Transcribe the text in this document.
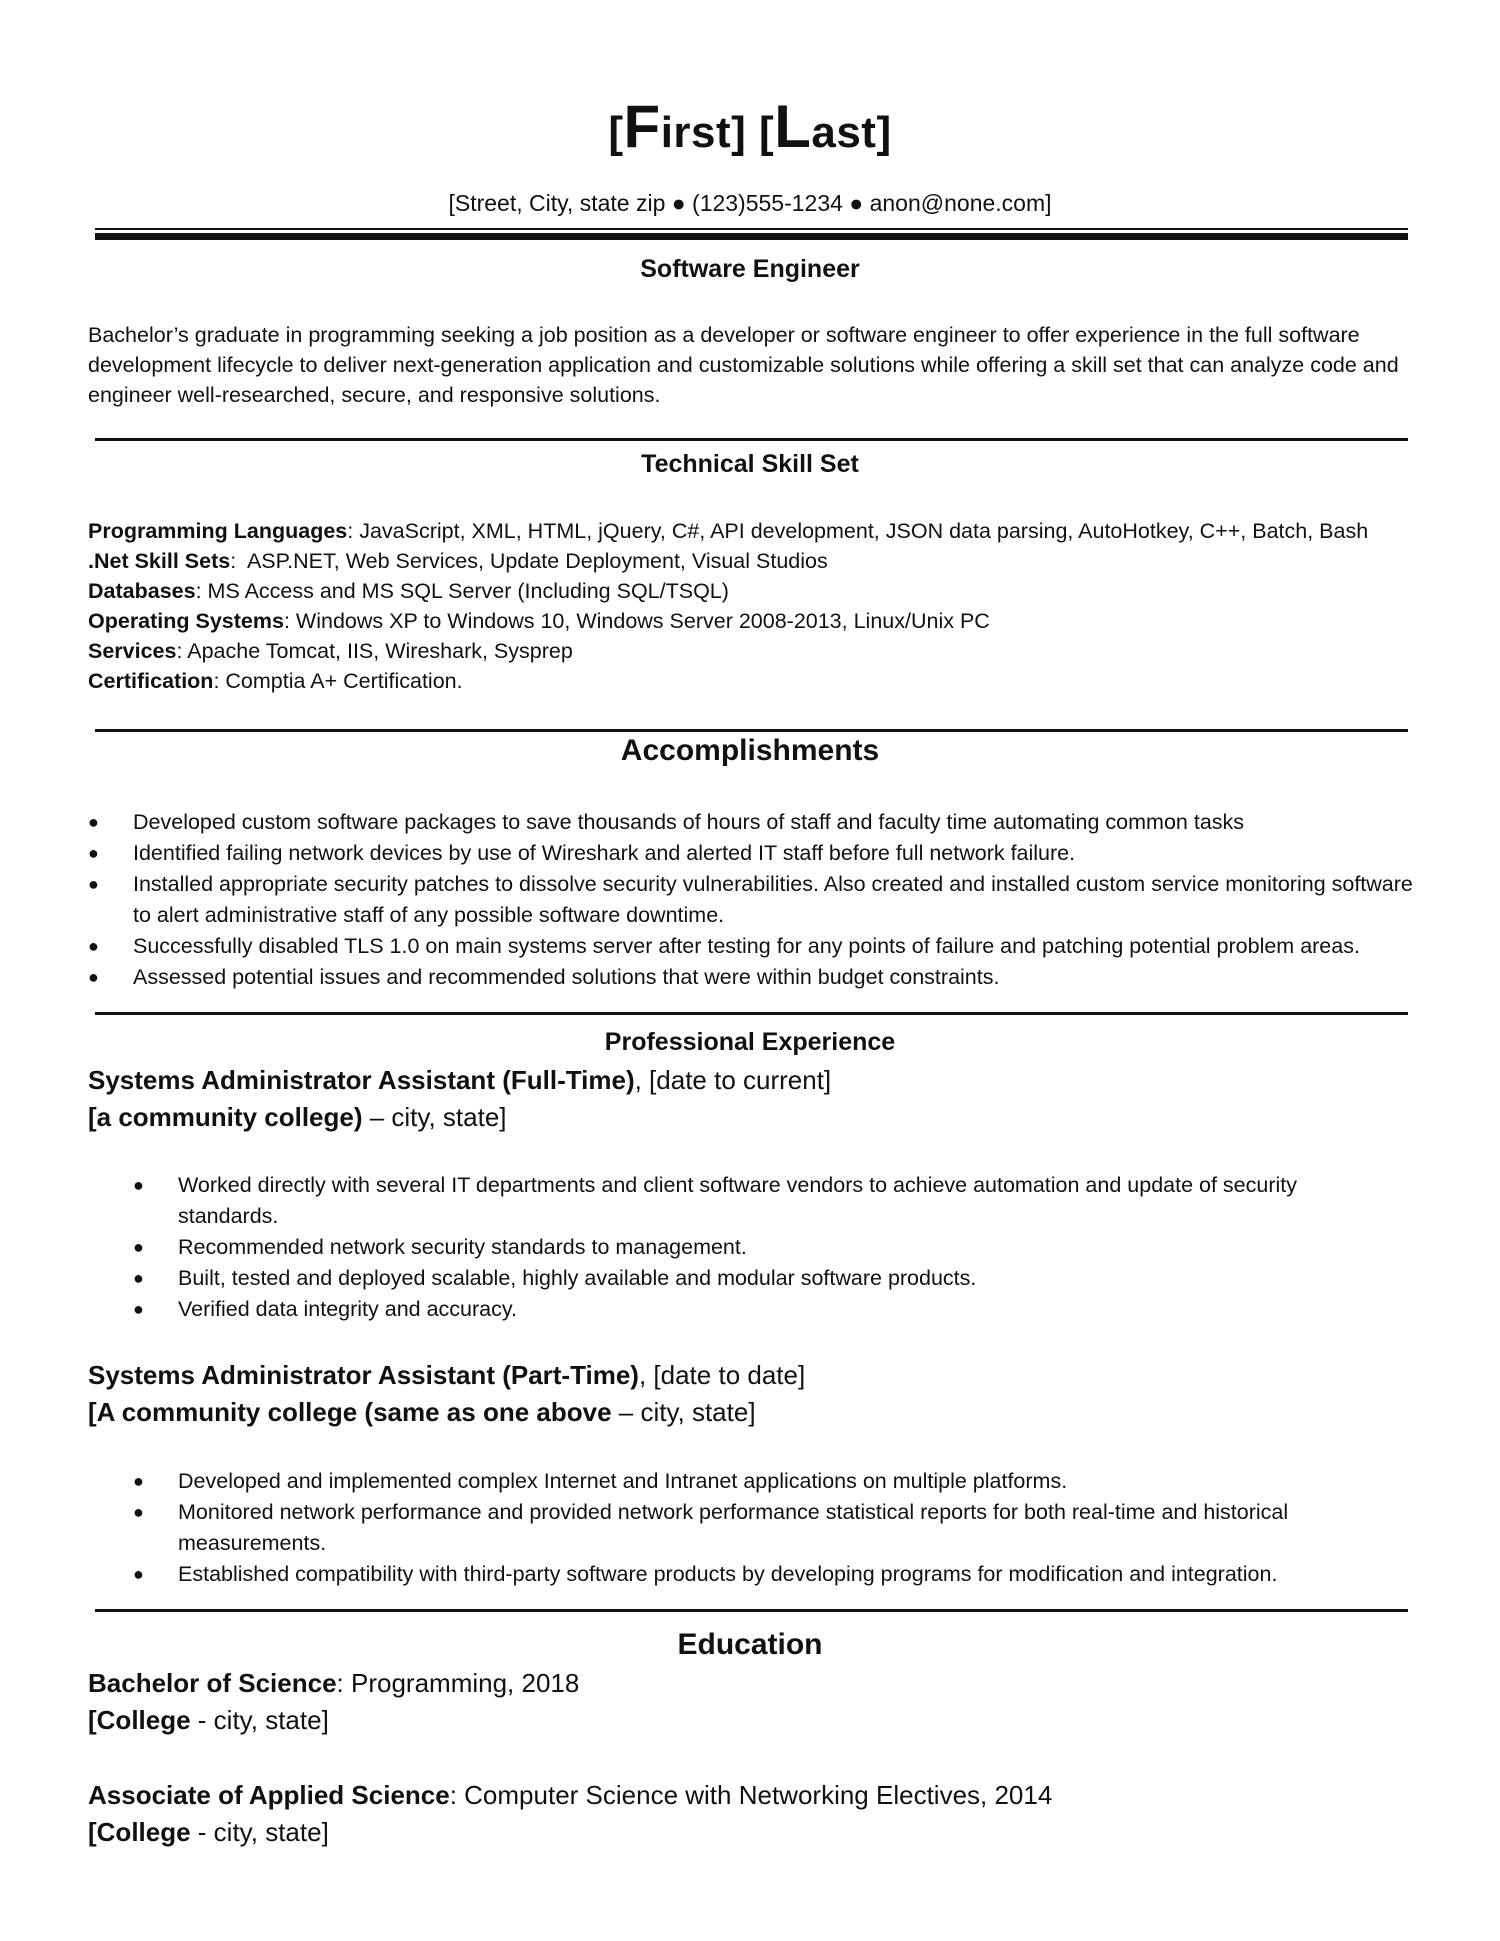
[First] [Last]
[Street, City, state zip ● (123)555-1234 ● anon@none.com]
Software Engineer
Bachelor’s graduate in programming seeking a job position as a developer or software engineer to offer experience in the full software development lifecycle to deliver next-generation application and customizable solutions while offering a skill set that can analyze code and engineer well-researched, secure, and responsive solutions.
Technical Skill Set
Programming Languages: JavaScript, XML, HTML, jQuery, C#, API development, JSON data parsing, AutoHotkey, C++, Batch, Bash
.Net Skill Sets:  ASP.NET, Web Services, Update Deployment, Visual Studios
Databases: MS Access and MS SQL Server (Including SQL/TSQL)
Operating Systems: Windows XP to Windows 10, Windows Server 2008-2013, Linux/Unix PC
Services: Apache Tomcat, IIS, Wireshark, Sysprep
Certification: Comptia A+ Certification.
Accomplishments
● Developed custom software packages to save thousands of hours of staff and faculty time automating common tasks
● Identified failing network devices by use of Wireshark and alerted IT staff before full network failure.
● Installed appropriate security patches to dissolve security vulnerabilities. Also created and installed custom service monitoring software to alert administrative staff of any possible software downtime.
● Successfully disabled TLS 1.0 on main systems server after testing for any points of failure and patching potential problem areas.
● Assessed potential issues and recommended solutions that were within budget constraints.
Professional Experience
Systems Administrator Assistant (Full-Time), [date to current]
[a community college) – city, state]
● Worked directly with several IT departments and client software vendors to achieve automation and update of security standards.
● Recommended network security standards to management.
● Built, tested and deployed scalable, highly available and modular software products.
● Verified data integrity and accuracy.
Systems Administrator Assistant (Part-Time), [date to date]
[A community college (same as one above – city, state]
● Developed and implemented complex Internet and Intranet applications on multiple platforms.
● Monitored network performance and provided network performance statistical reports for both real-time and historical measurements.
● Established compatibility with third-party software products by developing programs for modification and integration.
Education
Bachelor of Science: Programming, 2018
[College - city, state]
Associate of Applied Science: Computer Science with Networking Electives, 2014
[College - city, state]
